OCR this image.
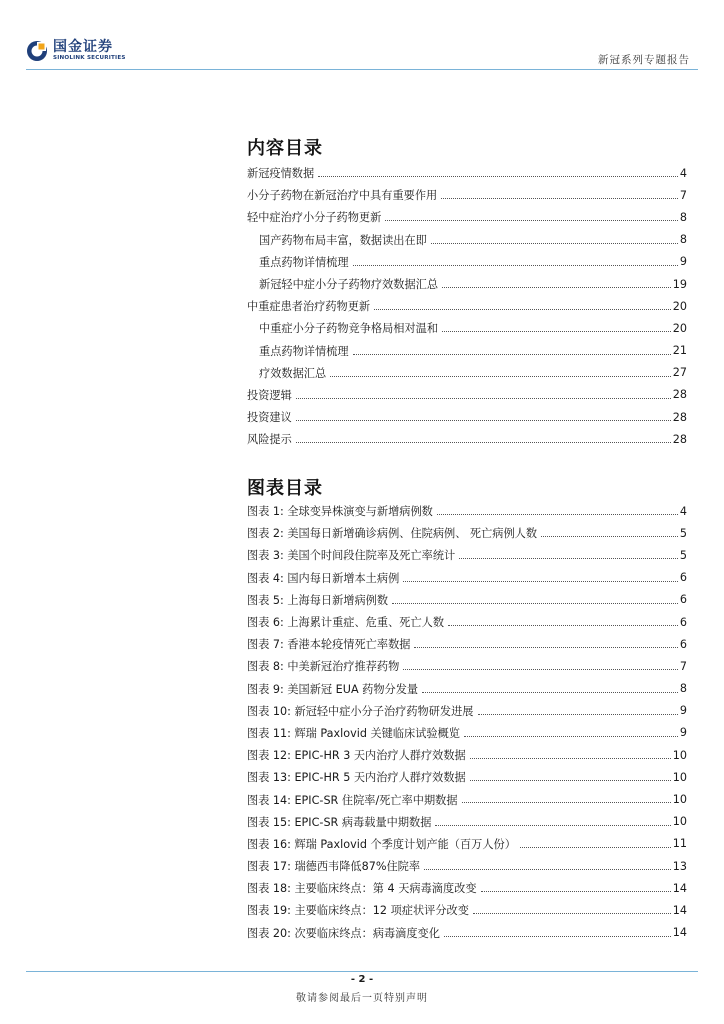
国金证券
SINOLINK SECURITIES	新冠系列专题报告
内容目录
新冠疫情数据	4
小分子药物在新冠治疗中具有重要作用	7
轻中症治疗小分子药物更新	8
国产药物布局丰富，数据读出在即	8
重点药物详情梳理	9
新冠轻中症小分子药物疗效数据汇总	19
中重症患者治疗药物更新	20
中重症小分子药物竞争格局相对温和	20
重点药物详情梳理	21
疗效数据汇总	27
投资逻辑	28
投资建议	28
风险提示	28
图表目录
图表 1: 全球变异株演变与新增病例数	4
图表 2: 美国每日新增确诊病例、住院病例、 死亡病例人数	5
图表 3: 美国个时间段住院率及死亡率统计	5
图表 4: 国内每日新增本土病例	6
图表 5: 上海每日新增病例数	6
图表 6: 上海累计重症、危重、死亡人数	6
图表 7: 香港本轮疫情死亡率数据	6
图表 8: 中美新冠治疗推荐药物	7
图表 9: 美国新冠 EUA 药物分发量	8
图表 10: 新冠轻中症小分子治疗药物研发进展	9
图表 11: 辉瑞 Paxlovid 关键临床试验概览	9
图表 12: EPIC-HR 3 天内治疗人群疗效数据	10
图表 13: EPIC-HR 5 天内治疗人群疗效数据	10
图表 14: EPIC-SR 住院率/死亡率中期数据	10
图表 15: EPIC-SR 病毒载量中期数据	10
图表 16: 辉瑞 Paxlovid 个季度计划产能（百万人份）	11
图表 17: 瑞德西韦降低87%住院率	13
图表 18: 主要临床终点：第 4 天病毒滴度改变	14
图表 19: 主要临床终点：12 项症状评分改变	14
图表 20: 次要临床终点：病毒滴度变化	14
- 2 -
敬请参阅最后一页特别声明
